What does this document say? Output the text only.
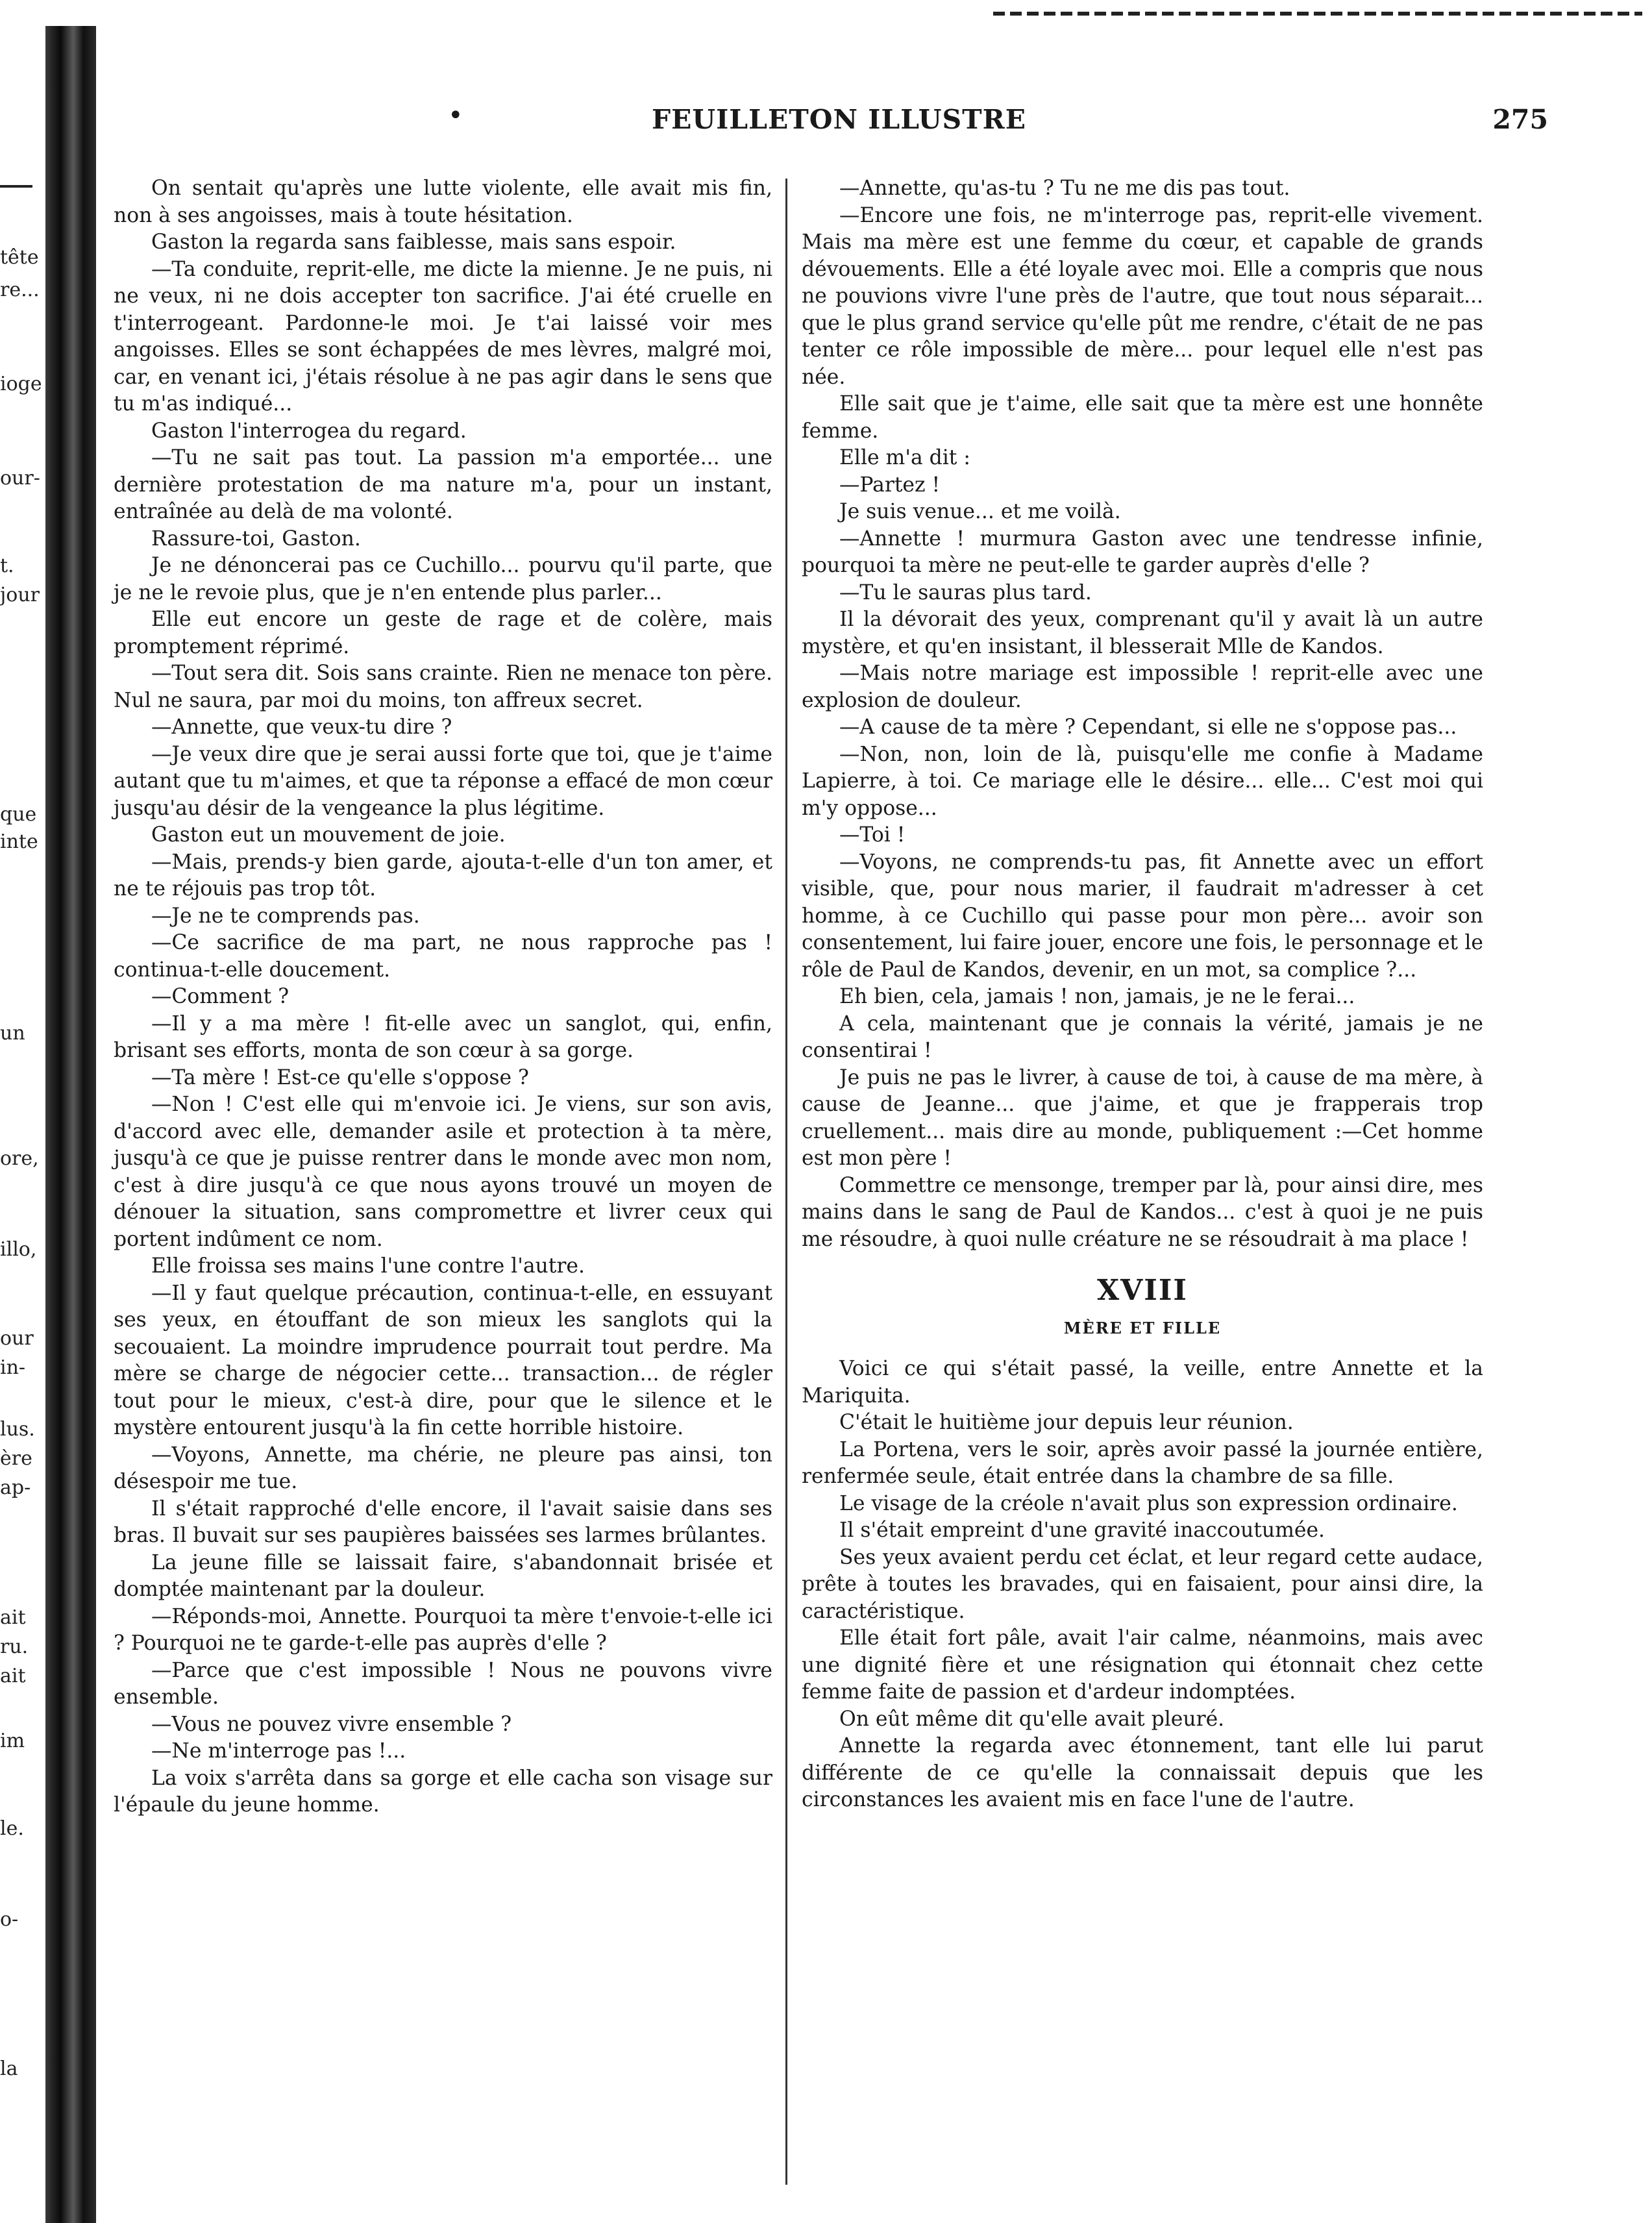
tête
re...
ioge
our-
t.
jour
que
inte
un
ore,
illo,
our
in-
lus.
ère
ap-
ait
ru.
ait
im
le.
o-
la
•	FEUILLETON ILLUSTRE	275

On sentait qu'après une lutte violente, elle avait mis fin, non à ses angoisses, mais à toute hésitation.

Gaston la regarda sans faiblesse, mais sans espoir.

—Ta conduite, reprit-elle, me dicte la mienne. Je ne puis, ni ne veux, ni ne dois accepter ton sacrifice. J'ai été cruelle en t'interrogeant. Pardonne-le moi. Je t'ai laissé voir mes angoisses. Elles se sont échappées de mes lèvres, malgré moi, car, en venant ici, j'étais résolue à ne pas agir dans le sens que tu m'as indiqué...

Gaston l'interrogea du regard.

—Tu ne sait pas tout. La passion m'a emportée... une dernière protestation de ma nature m'a, pour un instant, entraînée au delà de ma volonté.

Rassure-toi, Gaston.

Je ne dénoncerai pas ce Cuchillo... pourvu qu'il parte, que je ne le revoie plus, que je n'en entende plus parler...

Elle eut encore un geste de rage et de colère, mais promptement réprimé.

—Tout sera dit. Sois sans crainte. Rien ne menace ton père. Nul ne saura, par moi du moins, ton affreux secret.

—Annette, que veux-tu dire ?

—Je veux dire que je serai aussi forte que toi, que je t'aime autant que tu m'aimes, et que ta réponse a effacé de mon cœur jusqu'au désir de la vengeance la plus légitime.

Gaston eut un mouvement de joie.

—Mais, prends-y bien garde, ajouta-t-elle d'un ton amer, et ne te réjouis pas trop tôt.

—Je ne te comprends pas.

—Ce sacrifice de ma part, ne nous rapproche pas ! continua-t-elle doucement.

—Comment ?

—Il y a ma mère ! fit-elle avec un sanglot, qui, enfin, brisant ses efforts, monta de son cœur à sa gorge.

—Ta mère ! Est-ce qu'elle s'oppose ?

—Non ! C'est elle qui m'envoie ici. Je viens, sur son avis, d'accord avec elle, demander asile et protection à ta mère, jusqu'à ce que je puisse rentrer dans le monde avec mon nom, c'est à dire jusqu'à ce que nous ayons trouvé un moyen de dénouer la situation, sans compromettre et livrer ceux qui portent indûment ce nom.

Elle froissa ses mains l'une contre l'autre.

—Il y faut quelque précaution, continua-t-elle, en essuyant ses yeux, en étouffant de son mieux les sanglots qui la secouaient. La moindre imprudence pourrait tout perdre. Ma mère se charge de négocier cette... transaction... de régler tout pour le mieux, c'est-à dire, pour que le silence et le mystère entourent jusqu'à la fin cette horrible histoire.

—Voyons, Annette, ma chérie, ne pleure pas ainsi, ton désespoir me tue.

Il s'était rapproché d'elle encore, il l'avait saisie dans ses bras. Il buvait sur ses paupières baissées ses larmes brûlantes.

La jeune fille se laissait faire, s'abandonnait brisée et domptée maintenant par la douleur.

—Réponds-moi, Annette. Pourquoi ta mère t'envoie-t-elle ici ? Pourquoi ne te garde-t-elle pas auprès d'elle ?

—Parce que c'est impossible ! Nous ne pouvons vivre ensemble.

—Vous ne pouvez vivre ensemble ?

—Ne m'interroge pas !...

La voix s'arrêta dans sa gorge et elle cacha son visage sur l'épaule du jeune homme.

—Annette, qu'as-tu ? Tu ne me dis pas tout.

—Encore une fois, ne m'interroge pas, reprit-elle vivement. Mais ma mère est une femme du cœur, et capable de grands dévouements. Elle a été loyale avec moi. Elle a compris que nous ne pouvions vivre l'une près de l'autre, que tout nous séparait... que le plus grand service qu'elle pût me rendre, c'était de ne pas tenter ce rôle impossible de mère... pour lequel elle n'est pas née.

Elle sait que je t'aime, elle sait que ta mère est une honnête femme.

Elle m'a dit :

—Partez !

Je suis venue... et me voilà.

—Annette ! murmura Gaston avec une tendresse infinie, pourquoi ta mère ne peut-elle te garder auprès d'elle ?

—Tu le sauras plus tard.

Il la dévorait des yeux, comprenant qu'il y avait là un autre mystère, et qu'en insistant, il blesserait Mlle de Kandos.

—Mais notre mariage est impossible ! reprit-elle avec une explosion de douleur.

—A cause de ta mère ? Cependant, si elle ne s'oppose pas...

—Non, non, loin de là, puisqu'elle me confie à Madame Lapierre, à toi. Ce mariage elle le désire... elle... C'est moi qui m'y oppose...

—Toi !

—Voyons, ne comprends-tu pas, fit Annette avec un effort visible, que, pour nous marier, il faudrait m'adresser à cet homme, à ce Cuchillo qui passe pour mon père... avoir son consentement, lui faire jouer, encore une fois, le personnage et le rôle de Paul de Kandos, devenir, en un mot, sa complice ?...

Eh bien, cela, jamais ! non, jamais, je ne le ferai...

A cela, maintenant que je connais la vérité, jamais je ne consentirai !

Je puis ne pas le livrer, à cause de toi, à cause de ma mère, à cause de Jeanne... que j'aime, et que je frapperais trop cruellement... mais dire au monde, publiquement :—Cet homme est mon père !

Commettre ce mensonge, tremper par là, pour ainsi dire, mes mains dans le sang de Paul de Kandos... c'est à quoi je ne puis me résoudre, à quoi nulle créature ne se résoudrait à ma place !

XVIII

MÈRE ET FILLE

Voici ce qui s'était passé, la veille, entre Annette et la Mariquita.

C'était le huitième jour depuis leur réunion.

La Portena, vers le soir, après avoir passé la journée entière, renfermée seule, était entrée dans la chambre de sa fille.

Le visage de la créole n'avait plus son expression ordinaire.

Il s'était empreint d'une gravité inaccoutumée.

Ses yeux avaient perdu cet éclat, et leur regard cette audace, prête à toutes les bravades, qui en faisaient, pour ainsi dire, la caractéristique.

Elle était fort pâle, avait l'air calme, néanmoins, mais avec une dignité fière et une résignation qui étonnait chez cette femme faite de passion et d'ardeur indomptées.

On eût même dit qu'elle avait pleuré.

Annette la regarda avec étonnement, tant elle lui parut différente de ce qu'elle la connaissait depuis que les circonstances les avaient mis en face l'une de l'autre.
